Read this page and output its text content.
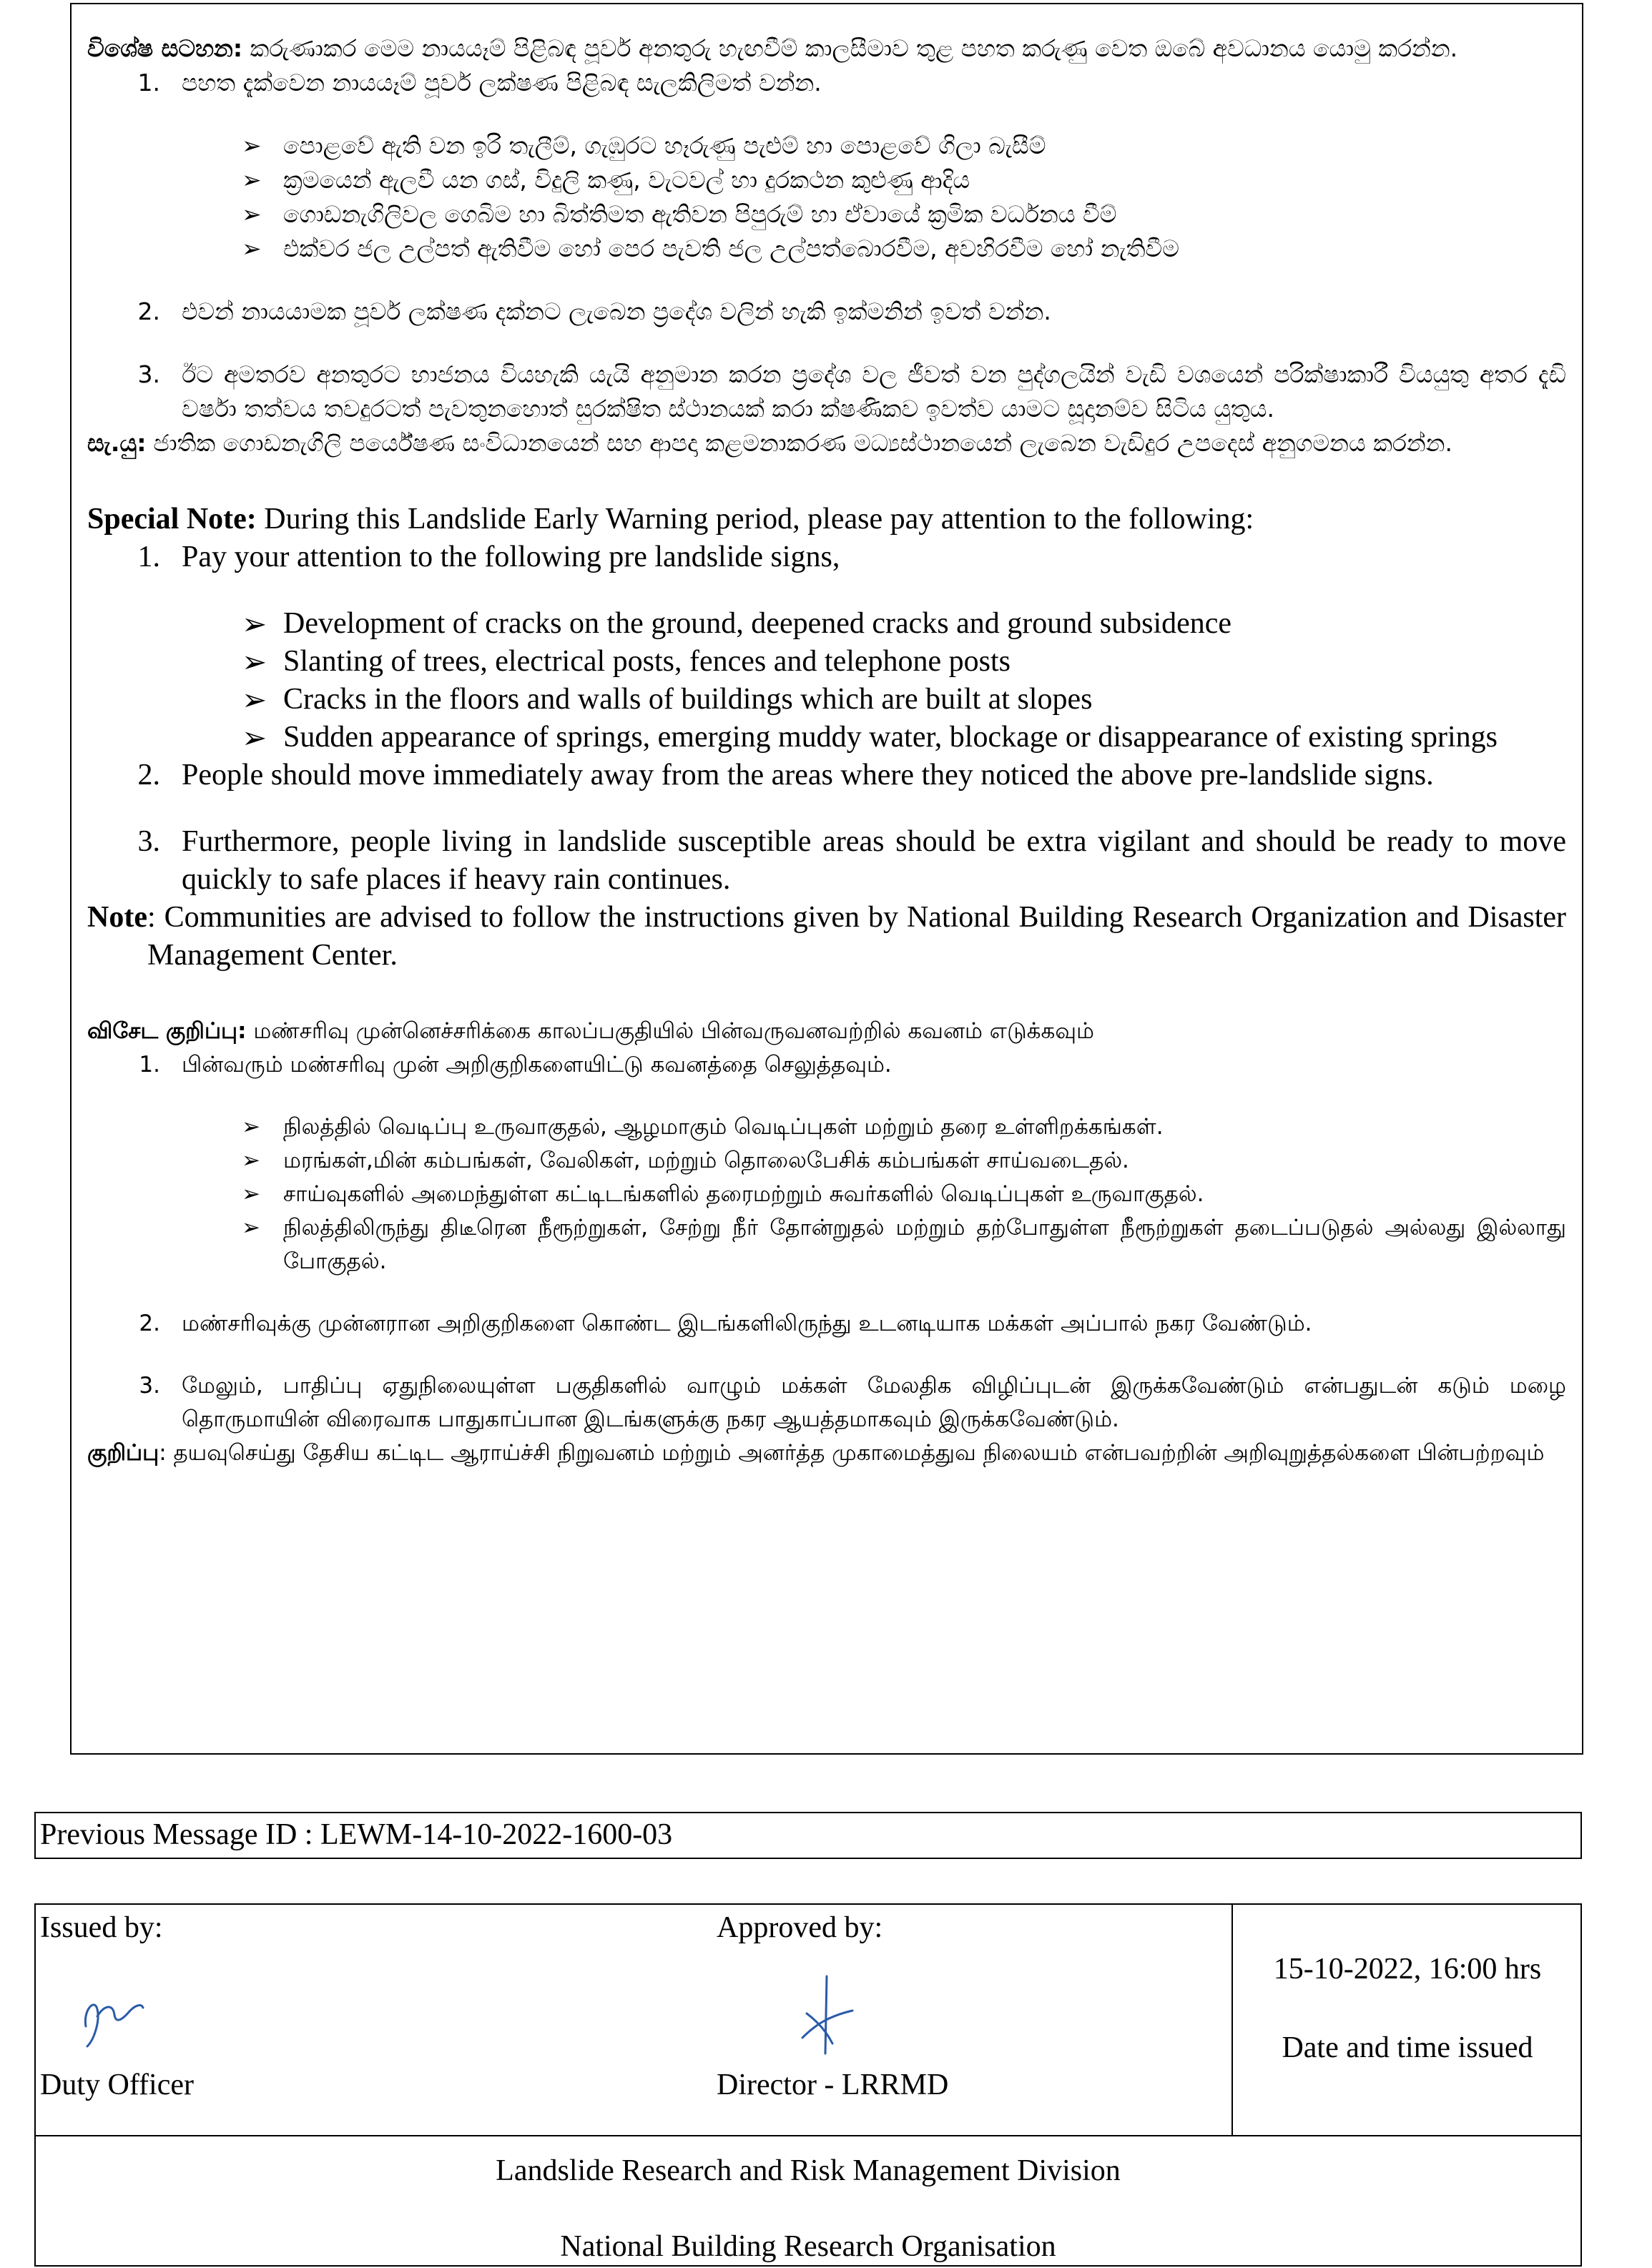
විශේෂ සටහන: කරුණාකර මෙම නායයෑම් පිළිබඳ පූර්ව අනතුරු හැඟවීම් කාලසීමාව තුළ පහත කරුණු වෙත ඔබේ අවධානය යොමු කරන්න.

1. පහත දැක්වෙන නායයෑම් පූර්ව ලක්ෂණ පිළිබඳ සැලකිලිමත් වන්න.
➢ පොළවේ ඇති වන ඉරි තැලීම්, ගැඹුරට හෑරුණු පැළුම් හා පොළවේ ගිලා බැසීම්
➢ ක්‍රමයෙන් ඇලවී යන ගස්, විදුලි කණු, වැටවල් හා දුරකථන කුළුණු ආදිය
➢ ගොඩනැගිලිවල ගෙබිම හා බිත්තිමත ඇතිවන පිපුරුම් හා ඒවායේ ක්‍රමික වර්ධනය වීම්
➢ එක්වර ජල උල්පත් ඇතිවීම හෝ පෙර පැවති ජල උල්පත්බොරවීම, අවහිරවීම හෝ නැතිවීම
2. එවන් නායයාමක පූර්ව ලක්ෂණ දක්නට ලැබෙන ප්‍රදේශ වලින් හැකි ඉක්මනින් ඉවත් වන්න.
3. ඊට අමතරව අනතුරට භාජනය වියහැකි යැයි අනුමාන කරන ප්‍රදේශ වල ජීවත් වන පුද්ගලයින් වැඩි වශයෙන් පරික්ෂාකාරී වියයුතු අතර දැඩි වර්ෂා තත්වය තවදුරටත් පැවතුනහොත් සුරක්ෂිත ස්ථානයක් කරා ක්ෂණිකව ඉවත්ව යාමට සූදානම්ව සිටිය යුතුය.
සැ.යු: ජාතික ගොඩනැගිලි පර්යේෂණ සංවිධානයෙන් සහ ආපදා කළමනාකරණ මධ්‍යස්ථානයෙන් ලැබෙන වැඩිදුර උපදෙස් අනුගමනය කරන්න.

Special Note: During this Landslide Early Warning period, please pay attention to the following:

1. Pay your attention to the following pre landslide signs,
➢ Development of cracks on the ground, deepened cracks and ground subsidence
➢ Slanting of trees, electrical posts, fences and telephone posts
➢ Cracks in the floors and walls of buildings which are built at slopes
➢ Sudden appearance of springs, emerging muddy water, blockage or disappearance of existing springs
2. People should move immediately away from the areas where they noticed the above pre-landslide signs.
3. Furthermore, people living in landslide susceptible areas should be extra vigilant and should be ready to move quickly to safe places if heavy rain continues.
Note : Communities are advised to follow the instructions given by National Building Research Organization and Disaster Management Center.

விசேட குறிப்பு: மண்சரிவு முன்னெச்சரிக்கை காலப்பகுதியில் பின்வருவனவற்றில் கவனம் எடுக்கவும்

1. பின்வரும் மண்சரிவு முன் அறிகுறிகளையிட்டு கவனத்தை செலுத்தவும்.
➢	நிலத்தில் வெடிப்பு உருவாகுதல், ஆழமாகும் வெடிப்புகள் மற்றும் தரை உள்ளிறக்கங்கள்.
➢	மரங்கள்,மின் கம்பங்கள், வேலிகள், மற்றும் தொலைபேசிக் கம்பங்கள் சாய்வடைதல்.
➢	சாய்வுகளில் அமைந்துள்ள கட்டிடங்களில் தரைமற்றும் சுவர்களில் வெடிப்புகள் உருவாகுதல்.
➢	நிலத்திலிருந்து திடீரென நீரூற்றுகள், சேற்று நீர் தோன்றுதல் மற்றும் தற்போதுள்ள நீரூற்றுகள் தடைப்படுதல் அல்லது இல்லாது போகுதல்.
2. மண்சரிவுக்கு முன்னரான அறிகுறிகளை கொண்ட இடங்களிலிருந்து உடனடியாக மக்கள் அப்பால் நகர வேண்டும்.
3. மேலும், பாதிப்பு ஏதுநிலையுள்ள பகுதிகளில் வாழும் மக்கள் மேலதிக விழிப்புடன் இருக்கவேண்டும் என்பதுடன் கடும் மழை தொருமாயின் விரைவாக பாதுகாப்பான இடங்களுக்கு நகர ஆயத்தமாகவும் இருக்கவேண்டும்.
குறிப்பு : தயவுசெய்து தேசிய கட்டிட ஆராய்ச்சி நிறுவனம் மற்றும் அனர்த்த முகாமைத்துவ நிலையம் என்பவற்றின் அறிவுறுத்தல்களை பின்பற்றவும்
Previous Message ID : LEWM-14-10-2022-1600-03
Issued by:
Duty Officer
Approved by:
Director - LRRMD
15-10-2022, 16:00 hrs
Date and time issued
Landslide Research and Risk Management Division
National Building Research Organisation
